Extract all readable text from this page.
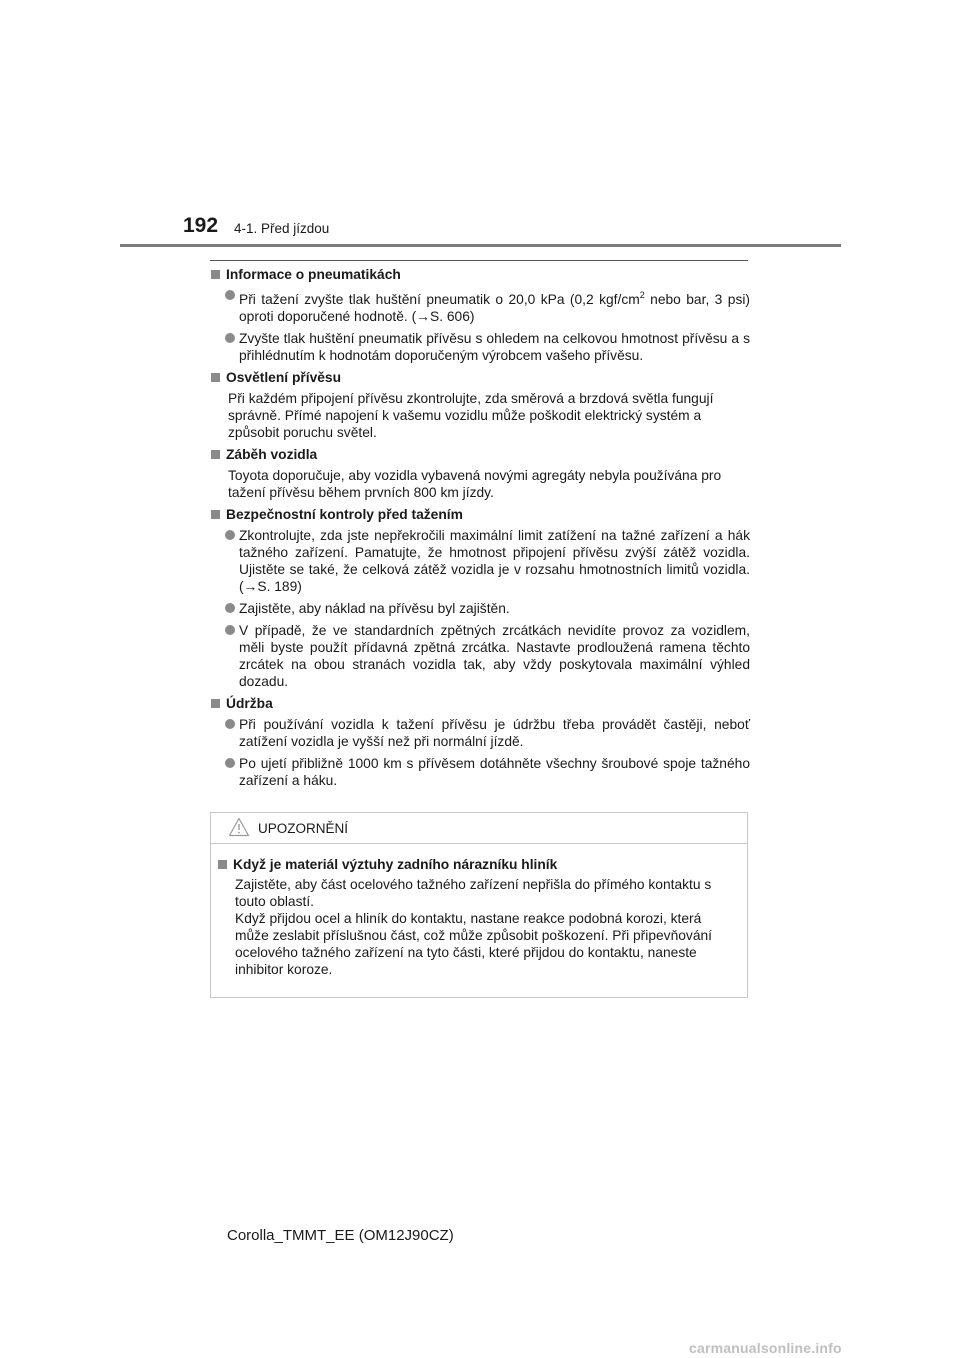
192 4-1. Před jízdou
Informace o pneumatikách
Při tažení zvyšte tlak huštění pneumatik o 20,0 kPa (0,2 kgf/$cm^2$ nebo bar, 3 psi) oproti doporučené hodnotě. (→S. 606)
Zvyšte tlak huštění pneumatik přívěsu s ohledem na celkovou hmotnost přívěsu a s přihlédnutím k hodnotám doporučeným výrobcem vašeho přívěsu.
Osvětlení přívěsu
Při každém připojení přívěsu zkontrolujte, zda směrová a brzdová světla fungují správně. Přímé napojení k vašemu vozidlu může poškodit elektrický systém a způsobit poruchu světel.
Záběh vozidla
Toyota doporučuje, aby vozidla vybavená novými agregáty nebyla používána pro tažení přívěsu během prvních 800 km jízdy.
Bezpečnostní kontroly před tažením
Zkontrolujte, zda jste nepřekročili maximální limit zatížení na tažné zařízení a hák tažného zařízení. Pamatujte, že hmotnost připojení přívěsu zvýší zátěž vozidla. Ujistěte se také, že celková zátěž vozidla je v rozsahu hmotnostních limitů vozidla. (→S. 189)
Zajistěte, aby náklad na přívěsu byl zajištěn.
V případě, že ve standardních zpětných zrcátkách nevidíte provoz za vozidlem, měli byste použít přídavná zpětná zrcátka. Nastavte prodloužená ramena těchto zrcátek na obou stranách vozidla tak, aby vždy poskytovala maximální výhled dozadu.
Údržba
Při používání vozidla k tažení přívěsu je údržbu třeba provádět častěji, neboť zatížení vozidla je vyšší než při normální jízdě.
Po ujetí přibližně 1000 km s přívěsem dotáhněte všechny šroubové spoje tažného zařízení a háku.
UPOZORNĚNÍ
Když je materiál výztuhy zadního nárazníku hliník
Zajistěte, aby část ocelového tažného zařízení nepřišla do přímého kontaktu s touto oblastí.
Když přijdou ocel a hliník do kontaktu, nastane reakce podobná korozi, která může zeslabit příslušnou část, což může způsobit poškození. Při připevňování ocelového tažného zařízení na tyto části, které přijdou do kontaktu, naneste inhibitor koroze.
Corolla_TMMT_EE (OM12J90CZ)
carmanualsonline.info
